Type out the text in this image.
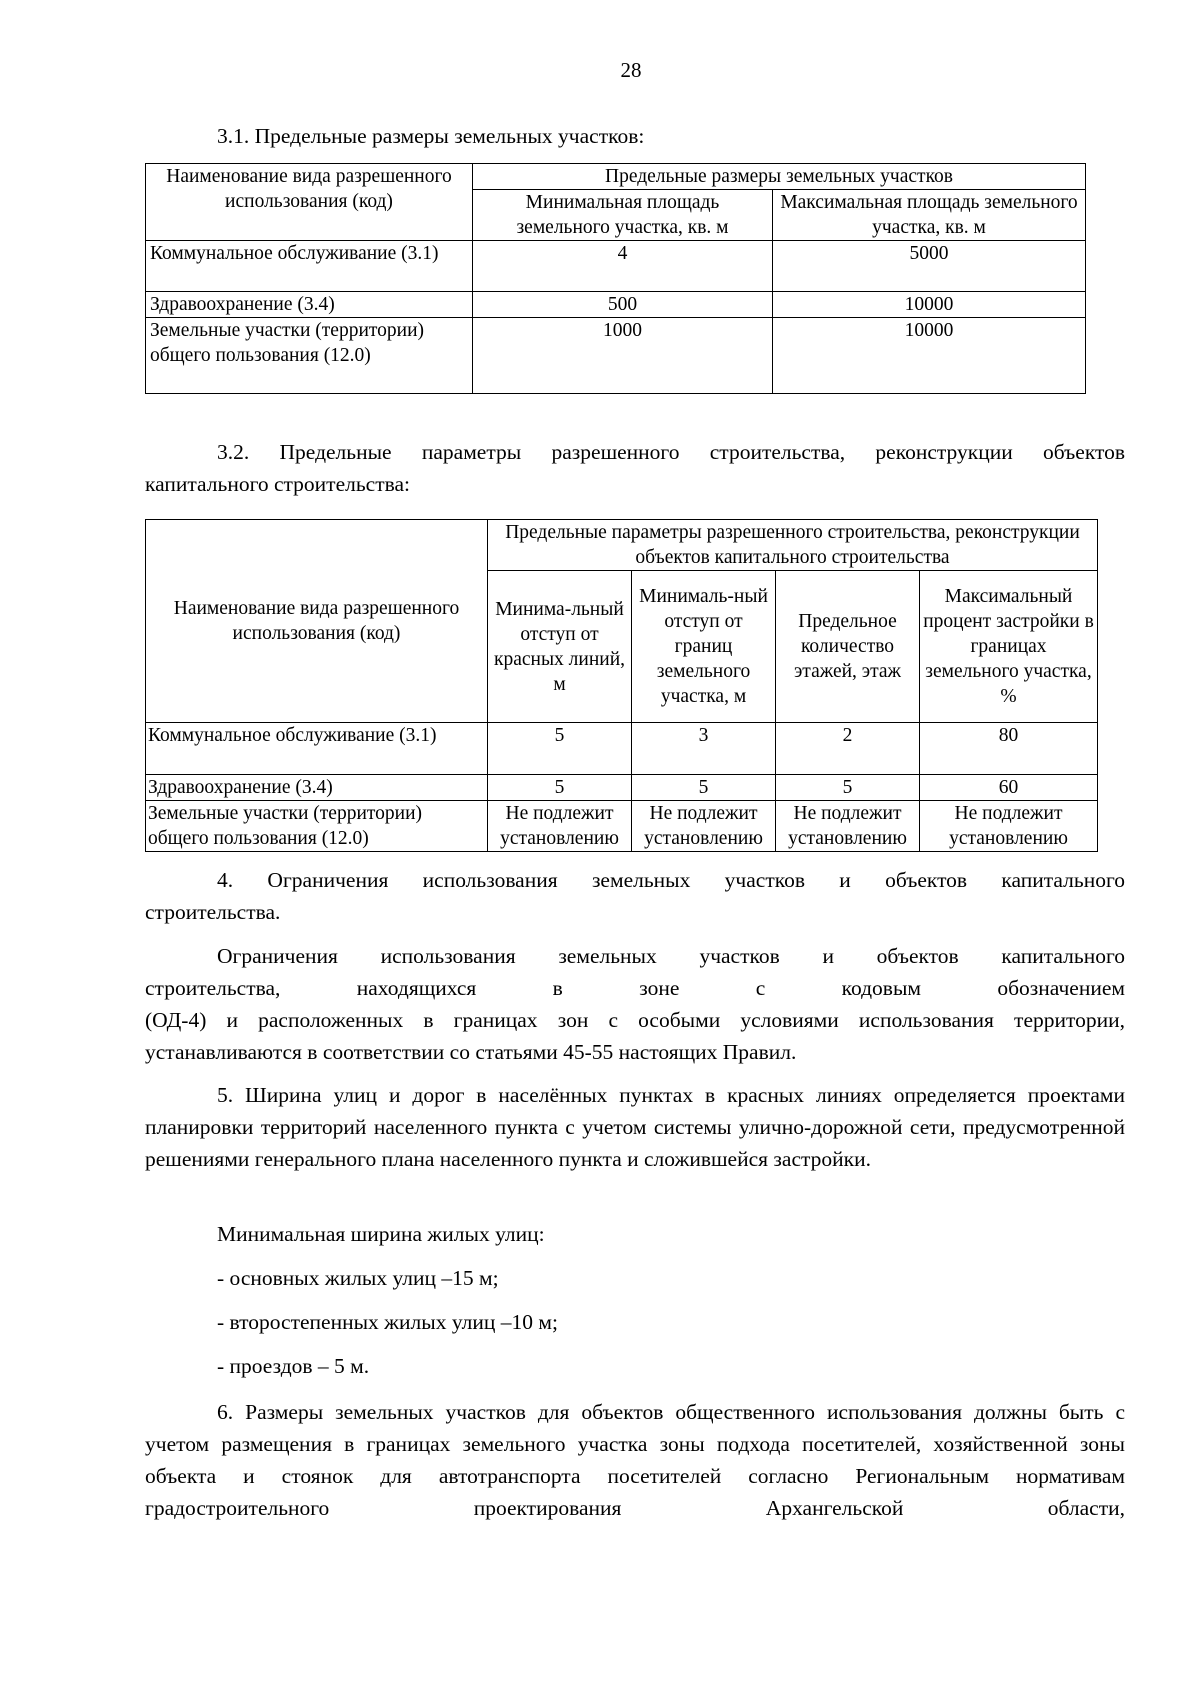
28
3.1. Предельные размеры земельных участков:
Наименование вида разрешенного использования (код)	Предельные размеры земельных участков	
	Минимальная площадь земельного участка, кв. м	Максимальная площадь земельного участка, кв. м
Коммунальное обслуживание (3.1)	4	5000
Здравоохранение (3.4)	500	10000
Земельные участки (территории) общего пользования (12.0)	1000	10000
3.2. Предельные параметры разрешенного строительства, реконструкции объектов
капитального строительства:
Наименование вида разрешенного использования (код)	Предельные параметры разрешенного строительства, реконструкции объектов капитального строительства			
	Минима-льный отступ от красных линий, м	Минималь-ный отступ от границ земельного участка, м	Предельное количество этажей, этаж	Максимальный процент застройки в границах земельного участка, %
Коммунальное обслуживание (3.1)	5	3	2	80
Здравоохранение (3.4)	5	5	5	60
Земельные участки (территории) общего пользования (12.0)	Не подлежит установлению	Не подлежит установлению	Не подлежит установлению	Не подлежит установлению
4. Ограничения использования земельных участков и объектов капитального
строительства.
Ограничения использования земельных участков и объектов капитального
строительства, находящихся в зоне с кодовым обозначением
(ОД-4) и расположенных в границах зон с особыми условиями использования территории, устанавливаются в соответствии со статьями 45-55 настоящих Правил.
5. Ширина улиц и дорог в населённых пунктах в красных линиях определяется проектами планировки территорий населенного пункта с учетом системы улично-дорожной сети, предусмотренной решениями генерального плана населенного пункта и сложившейся застройки.
Минимальная ширина жилых улиц:
- основных жилых улиц –15 м;
- второстепенных жилых улиц –10 м;
- проездов – 5 м.
6. Размеры земельных участков для объектов общественного использования должны быть с учетом размещения в границах земельного участка зоны подхода посетителей, хозяйственной зоны объекта и стоянок для автотранспорта посетителей согласно Региональным нормативам градостроительного проектирования Архангельской области,
